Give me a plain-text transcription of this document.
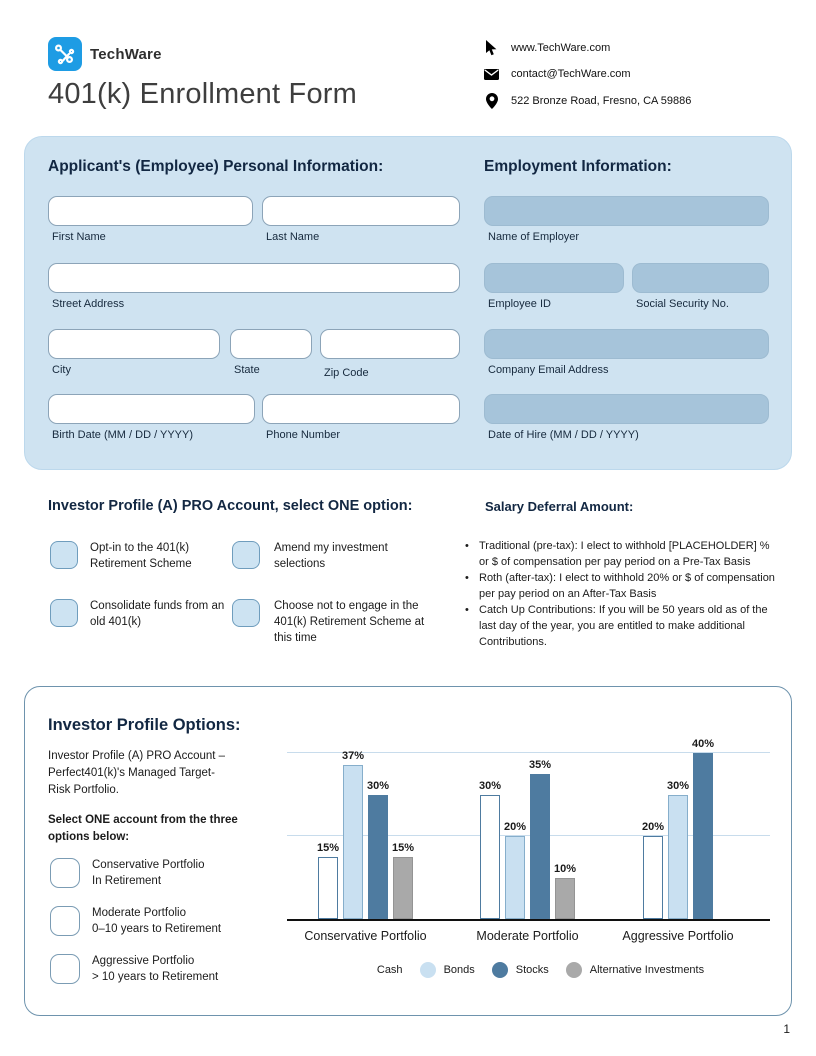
TechWare
401(k) Enrollment Form
www.TechWare.com
contact@TechWare.com
522 Bronze Road, Fresno, CA 59886
Applicant's (Employee) Personal Information:
First Name	Last Name
Street Address
City	State	Zip Code
Birth Date (MM / DD / YYYY)	Phone Number
Employment Information:
Name of Employer
Employee ID	Social Security No.
Company Email Address
Date of Hire (MM / DD / YYYY)
Investor Profile (A) PRO Account, select ONE option:
Opt-in to the 401(k) Retirement Scheme
Amend my investment selections
Consolidate funds from an old 401(k)
Choose not to engage in the 401(k) Retirement Scheme at this time
Salary Deferral Amount:
• Traditional (pre-tax): I elect to withhold [PLACEHOLDER] % or $ of compensation per pay period on a Pre-Tax Basis
• Roth (after-tax): I elect to withhold 20% or $ of compensation per pay period on an After-Tax Basis
• Catch Up Contributions: If you will be 50 years old as of the last day of the year, you are entitled to make additional Contributions.
Investor Profile Options:
Investor Profile (A) PRO Account – Perfect401(k)'s Managed Target-Risk Portfolio.
Select ONE account from the three options below:
Conservative Portfolio
In Retirement
Moderate Portfolio
0–10 years to Retirement
Aggressive Portfolio
> 10 years to Retirement
15%
37%
30%
15%
Conservative Portfolio
30%
20%
35%
10%
Moderate Portfolio
20%
30%
40%
Aggressive Portfolio
Cash	Bonds	Stocks	Alternative Investments
1
